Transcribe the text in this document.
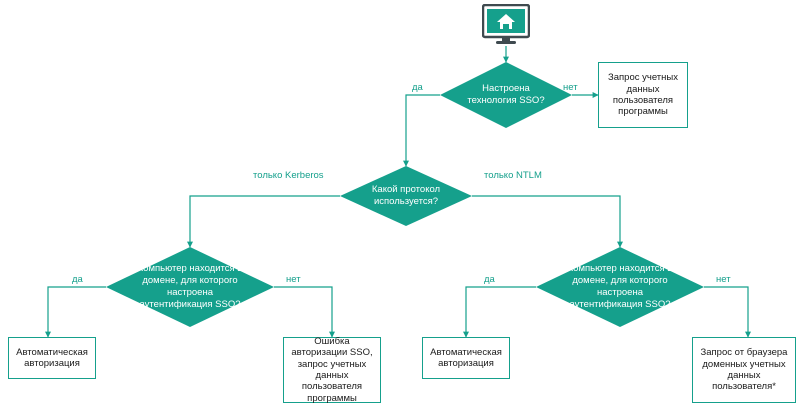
Настроена технология SSO?
Какой протокол используется?
Компьютер находится в домене, для которого настроена аутентификация SSO?
Компьютер находится в домене, для которого настроена аутентификация SSO?
Запрос учетных данных пользователя программы
Автоматическая авторизация
Ошибка авторизации SSO, запрос учетных данных пользователя программы
Автоматическая авторизация
Запрос от браузера доменных учетных данных пользователя*
да	нет
только Kerberos	только NTLM
да	нет	да	нет
